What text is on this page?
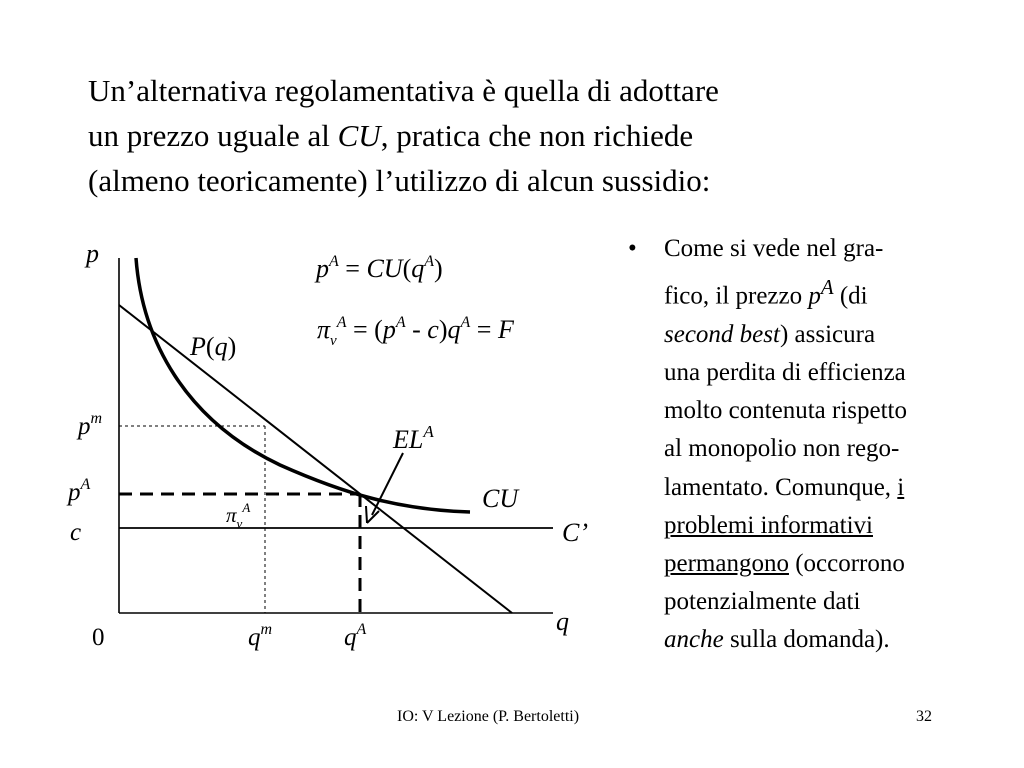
Un’alternativa regolamentativa è quella di adottare
un prezzo uguale al CU, pratica che non richiede
(almeno teoricamente) l’utilizzo di alcun sussidio:
p
q
0
$p^m$
$p^A$
c
$q^m$	$q^A$
P(q)
CU
C’
$EL^A$
$\pi_v^A$
$p^A = CU(q^A)$
$\pi_v^A = (p^A - c)q^A = F$
• Come si vede nel gra-
fico, il prezzo $p^A$ (di
second best) assicura
una perdita di efficienza
molto contenuta rispetto
al monopolio non rego-
lamentato. Comunque, i
problemi informativi
permangono (occorrono
potenzialmente dati
anche sulla domanda).
IO: V Lezione (P. Bertoletti)	32
